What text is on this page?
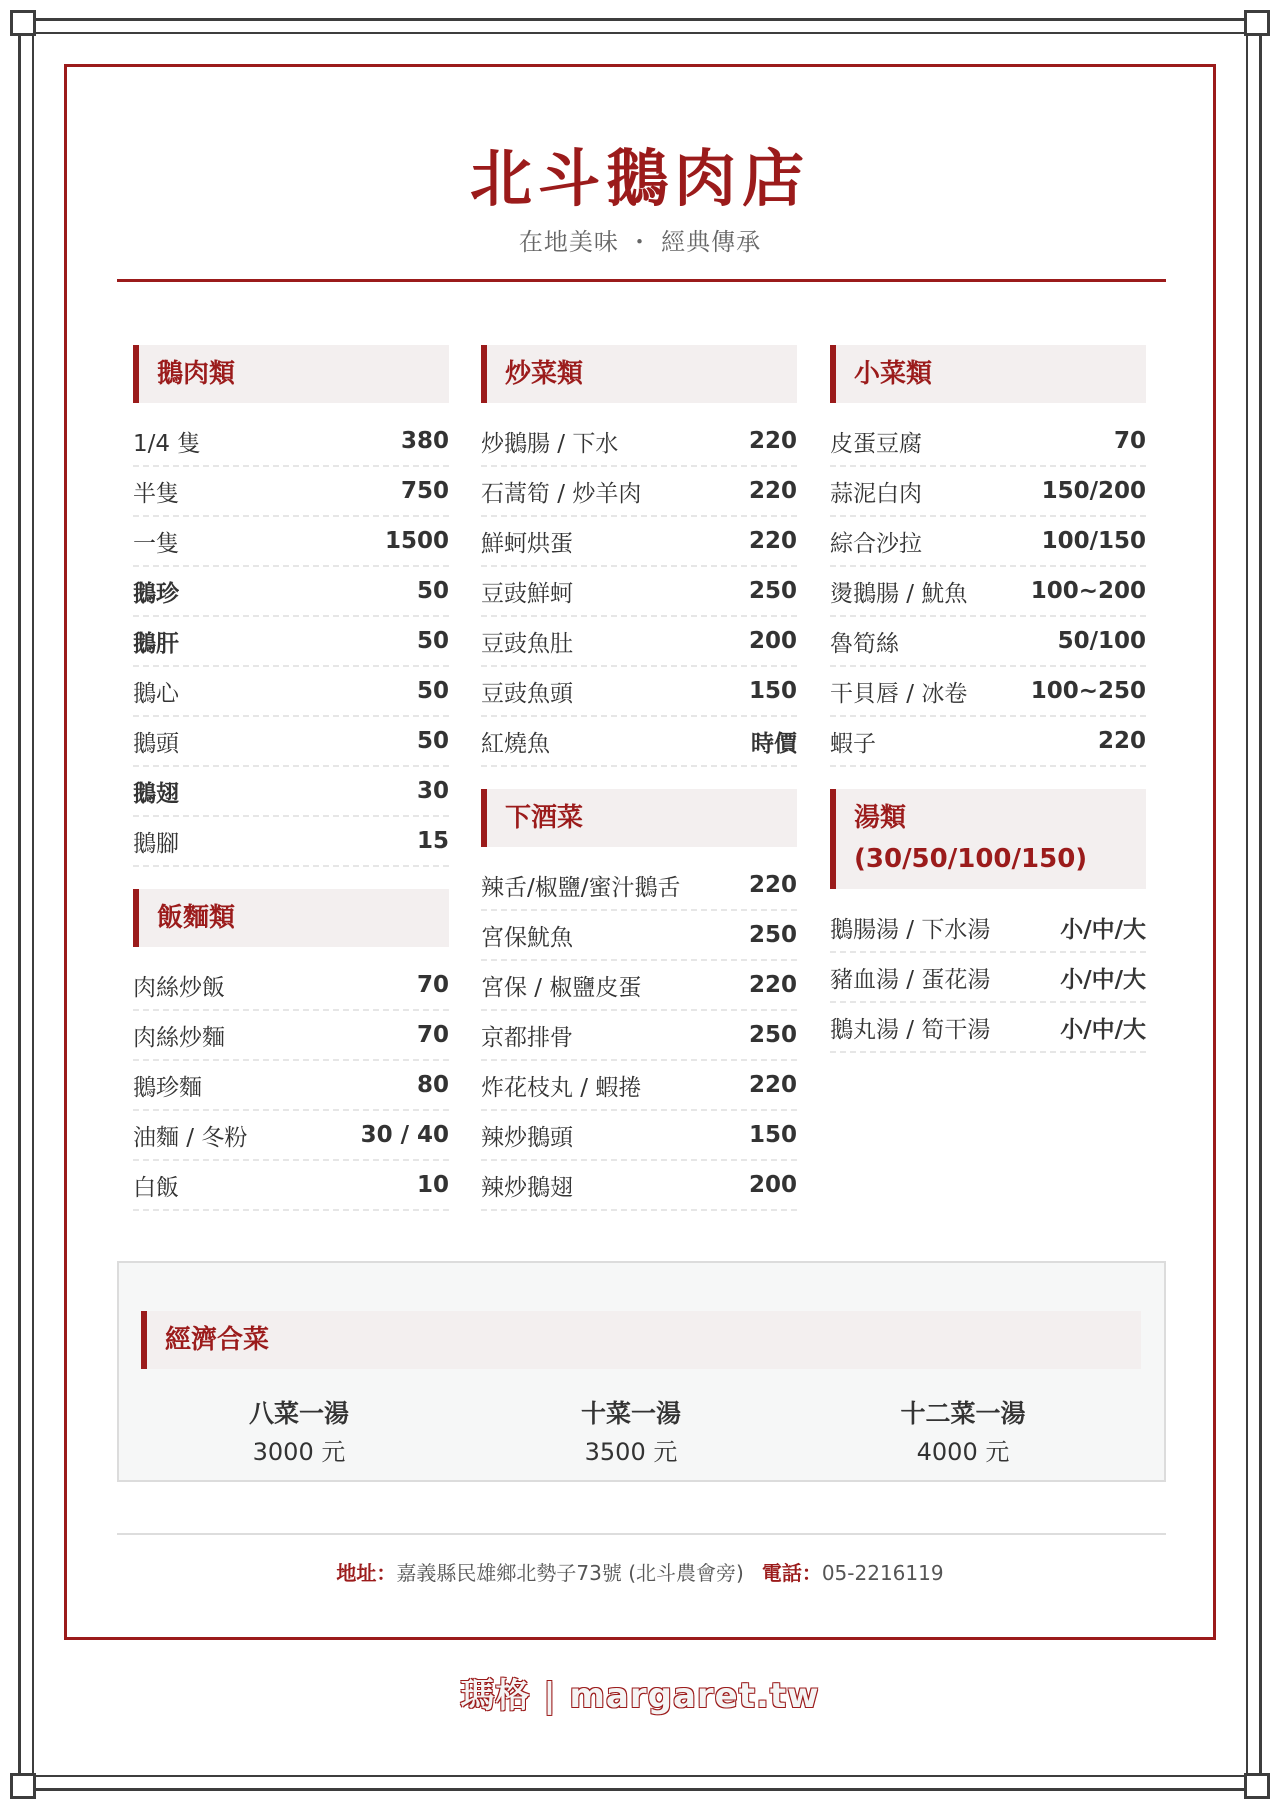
北斗鵝肉店
在地美味 ・ 經典傳承
鵝肉類
1/4 隻	380
半隻	750
一隻	1500
鵝珍	50
鵝肝	50
鵝心	50
鵝頭	50
鵝翅	30
鵝腳	15
飯麵類
肉絲炒飯	70
肉絲炒麵	70
鵝珍麵	80
油麵 / 冬粉	30 / 40
白飯	10
炒菜類
炒鵝腸 / 下水	220
石蒿筍 / 炒羊肉	220
鮮蚵烘蛋	220
豆豉鮮蚵	250
豆豉魚肚	200
豆豉魚頭	150
紅燒魚	時價
下酒菜
辣舌/椒鹽/蜜汁鵝舌	220
宮保魷魚	250
宮保 / 椒鹽皮蛋	220
京都排骨	250
炸花枝丸 / 蝦捲	220
辣炒鵝頭	150
辣炒鵝翅	200
小菜類
皮蛋豆腐	70
蒜泥白肉	150/200
綜合沙拉	100/150
燙鵝腸 / 魷魚	100~200
魯筍絲	50/100
干貝唇 / 冰卷	100~250
蝦子	220
湯類
(30/50/100/150)
鵝腸湯 / 下水湯	小/中/大
豬血湯 / 蛋花湯	小/中/大
鵝丸湯 / 筍干湯	小/中/大
經濟合菜
八菜一湯
3000 元
十菜一湯
3500 元
十二菜一湯
4000 元
地址：嘉義縣民雄鄉北勢子73號 (北斗農會旁) 電話：05-2216119
瑪格 | margaret.tw
